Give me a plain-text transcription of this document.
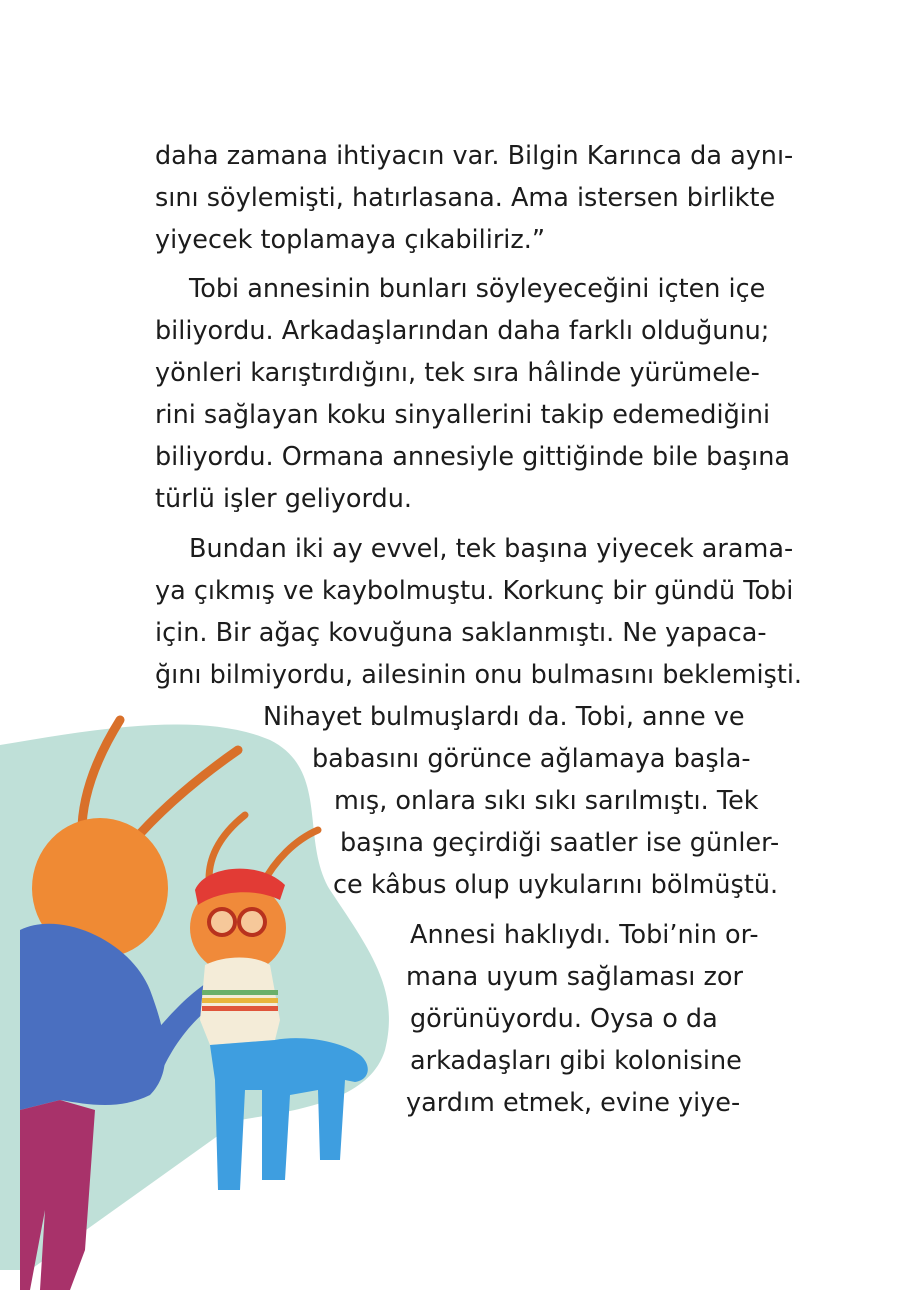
daha zamana ihtiyacın var. Bilgin Karınca da aynı-
sını söylemişti, hatırlasana. Ama istersen birlikte
yiyecek toplamaya çıkabiliriz.”
Tobi annesinin bunları söyleyeceğini içten içe
biliyordu. Arkadaşlarından daha farklı olduğunu;
yönleri karıştırdığını, tek sıra hâlinde yürümele-
rini sağlayan koku sinyallerini takip edemediğini
biliyordu. Ormana annesiyle gittiğinde bile başına
türlü işler geliyordu.
Bundan iki ay evvel, tek başına yiyecek arama-
ya çıkmış ve kaybolmuştu. Korkunç bir gündü Tobi
için. Bir ağaç kovuğuna saklanmıştı. Ne yapaca-
ğını bilmiyordu, ailesinin onu bulmasını beklemişti.
Nihayet bulmuşlardı da. Tobi, anne ve
babasını görünce ağlamaya başla-
mış, onlara sıkı sıkı sarılmıştı. Tek
başına geçirdiği saatler ise günler-
ce kâbus olup uykularını bölmüştü.
Annesi haklıydı. Tobi’nin or-
mana uyum sağlaması zor
görünüyordu. Oysa o da
arkadaşları gibi kolonisine
yardım etmek, evine yiye-
